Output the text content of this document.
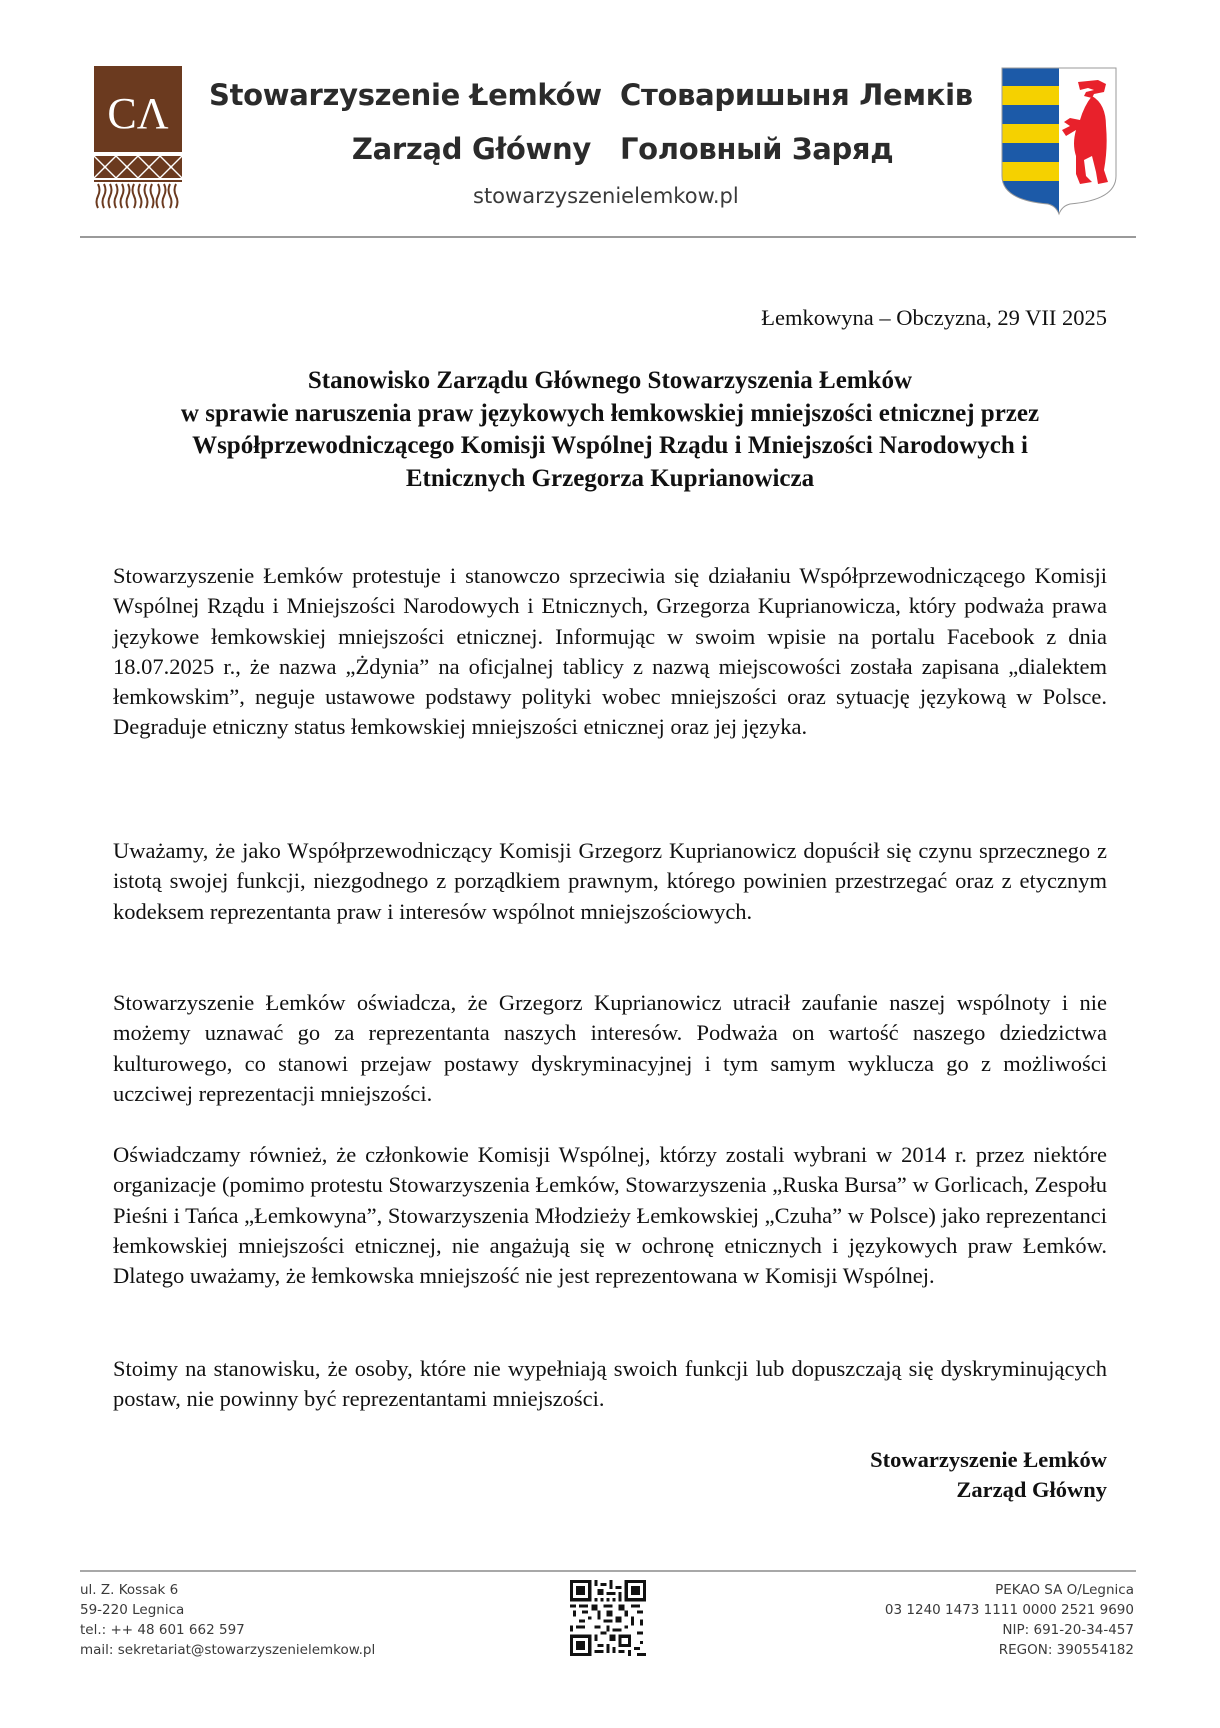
CΛ Stowarzyszenie Łemków
Zarząd Główny
Стоваришыня Лемків
Головный Заряд
stowarzyszenielemkow.pl
Łemkowyna – Obczyzna, 29 VII 2025
Stanowisko Zarządu Głównego Stowarzyszenia Łemków
w sprawie naruszenia praw językowych łemkowskiej mniejszości etnicznej przez
Współprzewodniczącego Komisji Wspólnej Rządu i Mniejszości Narodowych i
Etnicznych Grzegorza Kuprianowicza

Stowarzyszenie Łemków protestuje i stanowczo sprzeciwia się działaniu Współprzewodniczącego Komisji Wspólnej Rządu i Mniejszości Narodowych i Etnicznych, Grzegorza Kuprianowicza, który podważa prawa językowe łemkowskiej mniejszości etnicznej. Informując w swoim wpisie na portalu Facebook z dnia 18.07.2025 r., że nazwa „Żdynia” na oficjalnej tablicy z nazwą miejscowości została zapisana „dialektem łemkowskim”, neguje ustawowe podstawy polityki wobec mniejszości oraz sytuację językową w Polsce. Degraduje etniczny status łemkowskiej mniejszości etnicznej oraz jej języka.

Uważamy, że jako Współprzewodniczący Komisji Grzegorz Kuprianowicz dopuścił się czynu sprzecznego z istotą swojej funkcji, niezgodnego z porządkiem prawnym, którego powinien przestrzegać oraz z etycznym kodeksem reprezentanta praw i interesów wspólnot mniejszościowych.

Stowarzyszenie Łemków oświadcza, że Grzegorz Kuprianowicz utracił zaufanie naszej wspólnoty i nie możemy uznawać go za reprezentanta naszych interesów. Podważa on wartość naszego dziedzictwa kulturowego, co stanowi przejaw postawy dyskryminacyjnej i tym samym wyklucza go z możliwości uczciwej reprezentacji mniejszości.

Oświadczamy również, że członkowie Komisji Wspólnej, którzy zostali wybrani w 2014 r. przez niektóre organizacje (pomimo protestu Stowarzyszenia Łemków, Stowarzyszenia „Ruska Bursa” w Gorlicach, Zespołu Pieśni i Tańca „Łemkowyna”, Stowarzyszenia Młodzieży Łemkowskiej „Czuha” w Polsce) jako reprezentanci łemkowskiej mniejszości etnicznej, nie angażują się w ochronę etnicznych i językowych praw Łemków. Dlatego uważamy, że łemkowska mniejszość nie jest reprezentowana w Komisji Wspólnej.

Stoimy na stanowisku, że osoby, które nie wypełniają swoich funkcji lub dopuszczają się dyskryminujących postaw, nie powinny być reprezentantami mniejszości.

Stowarzyszenie Łemków
Zarząd Główny
ul. Z. Kossak 6
59-220 Legnica
tel.: ++ 48 601 662 597
mail: sekretariat@stowarzyszenielemkow.pl
PEKAO SA O/Legnica
03 1240 1473 1111 0000 2521 9690
NIP: 691-20-34-457
REGON: 390554182
